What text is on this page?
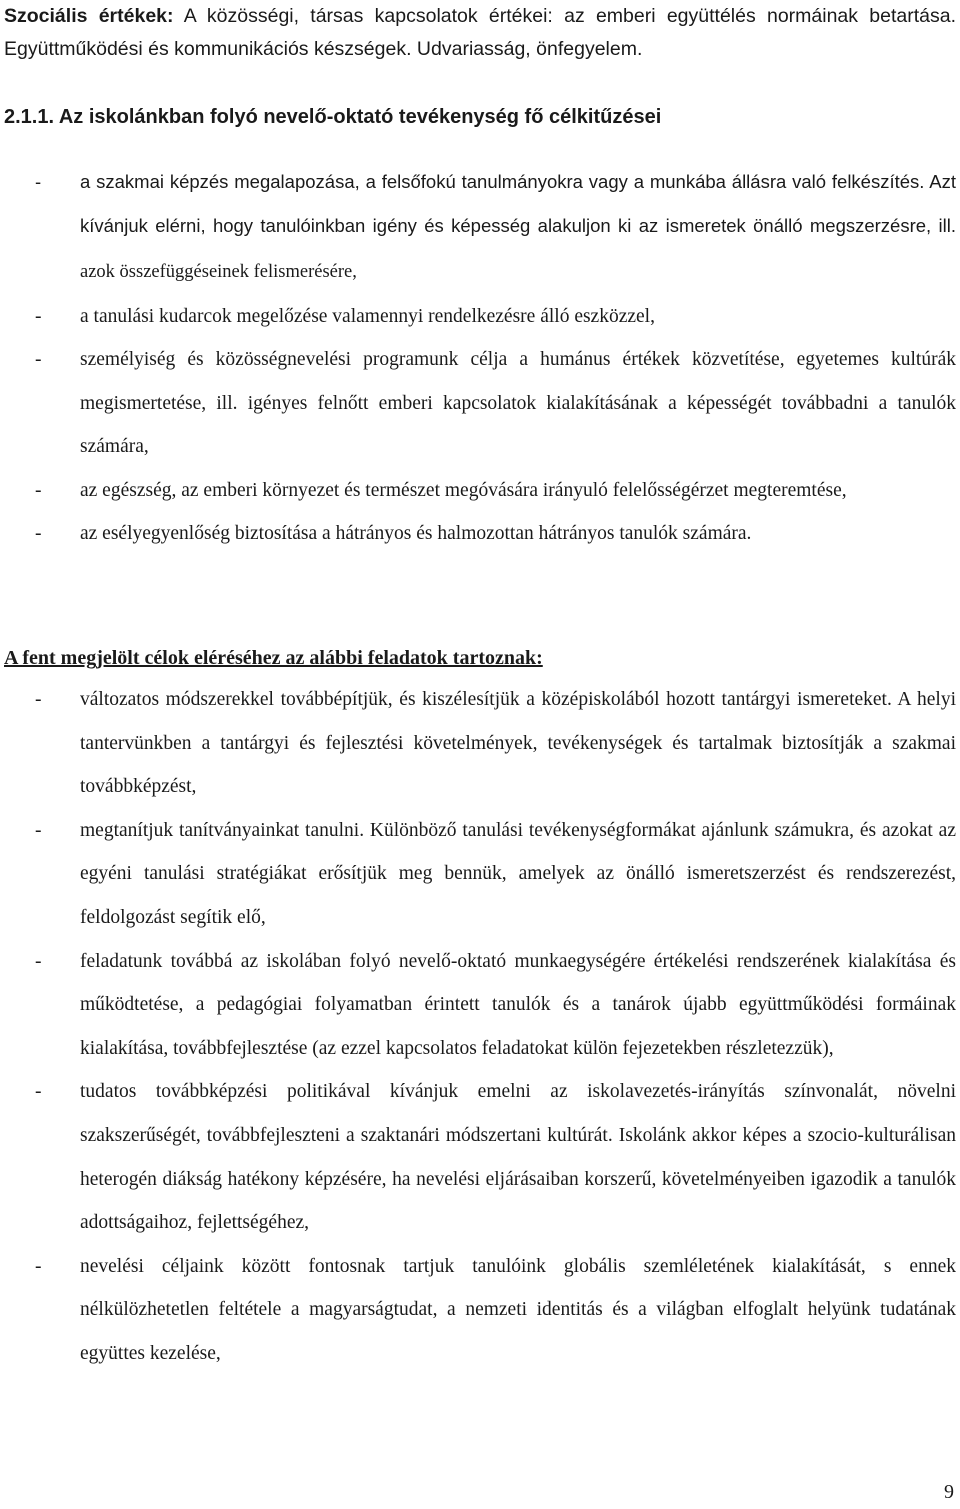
Szociális értékek: A közösségi, társas kapcsolatok értékei: az emberi együttélés normáinak betartása. Együttműködési és kommunikációs készségek. Udvariasság, önfegyelem.
2.1.1. Az iskolánkban folyó nevelő-oktató tevékenység fő célkitűzései
- a szakmai képzés megalapozása, a felsőfokú tanulmányokra vagy a munkába állásra való felkészítés. Azt kívánjuk elérni, hogy tanulóinkban igény és képesség alakuljon ki az ismeretek önálló megszerzésre, ill. azok összefüggéseinek felismerésére,
- a tanulási kudarcok megelőzése valamennyi rendelkezésre álló eszközzel,
- személyiség és közösségnevelési programunk célja a humánus értékek közvetítése, egyetemes kultúrák megismertetése, ill. igényes felnőtt emberi kapcsolatok kialakításának a képességét továbbadni a tanulók számára,
- az egészség, az emberi környezet és természet megóvására irányuló felelősségérzet megteremtése,
- az esélyegyenlőség biztosítása a hátrányos és halmozottan hátrányos tanulók számára.
A fent megjelölt célok eléréséhez az alábbi feladatok tartoznak:
- változatos módszerekkel továbbépítjük, és kiszélesítjük a középiskolából hozott tantárgyi ismereteket. A helyi tantervünkben a tantárgyi és fejlesztési követelmények, tevékenységek és tartalmak biztosítják a szakmai továbbképzést,
- megtanítjuk tanítványainkat tanulni. Különböző tanulási tevékenységformákat ajánlunk számukra, és azokat az egyéni tanulási stratégiákat erősítjük meg bennük, amelyek az önálló ismeretszerzést és rendszerezést, feldolgozást segítik elő,
- feladatunk továbbá az iskolában folyó nevelő-oktató munkaegységére értékelési rendszerének kialakítása és működtetése, a pedagógiai folyamatban érintett tanulók és a tanárok újabb együttműködési formáinak kialakítása, továbbfejlesztése (az ezzel kapcsolatos feladatokat külön fejezetekben részletezzük),
- tudatos továbbképzési politikával kívánjuk emelni az iskolavezetés-irányítás színvonalát, növelni szakszerűségét, továbbfejleszteni a szaktanári módszertani kultúrát. Iskolánk akkor képes a szocio-kulturálisan heterogén diákság hatékony képzésére, ha nevelési eljárásaiban korszerű, követelményeiben igazodik a tanulók adottságaihoz, fejlettségéhez,
- nevelési céljaink között fontosnak tartjuk tanulóink globális szemléletének kialakítását, s ennek nélkülözhetetlen feltétele a magyarságtudat, a nemzeti identitás és a világban elfoglalt helyünk tudatának együttes kezelése,
9
